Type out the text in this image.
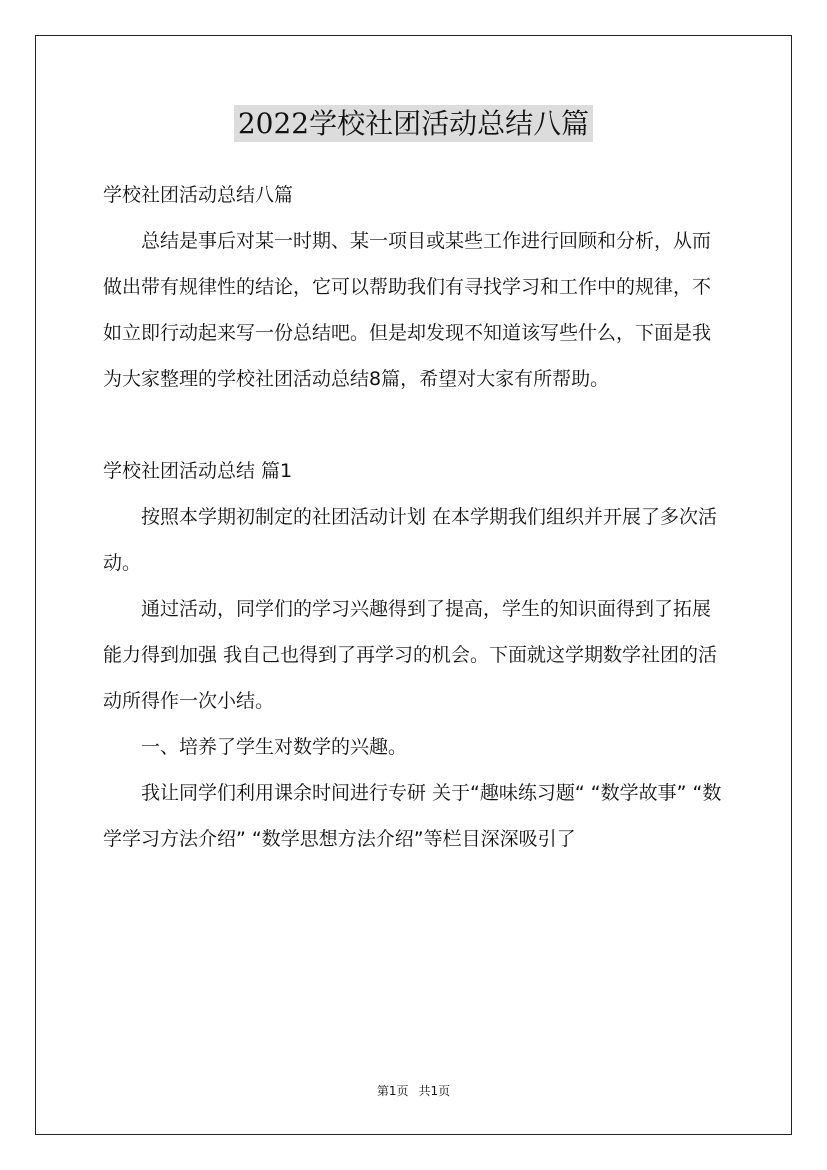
2022学校社团活动总结八篇

学校社团活动总结八篇

总结是事后对某一时期、某一项目或某些工作进行回顾和分析，从而做出带有规律性的结论，它可以帮助我们有寻找学习和工作中的规律，不如立即行动起来写一份总结吧。但是却发现不知道该写些什么，下面是我为大家整理的学校社团活动总结8篇，希望对大家有所帮助。

学校社团活动总结 篇1

按照本学期初制定的社团活动计划 在本学期我们组织并开展了多次活动。

通过活动，同学们的学习兴趣得到了提高，学生的知识面得到了拓展能力得到加强 我自己也得到了再学习的机会。下面就这学期数学社团的活动所得作一次小结。

一、培养了学生对数学的兴趣。

我让同学们利用课余时间进行专研 关于“趣味练习题“ “数学故事” “数学学习方法介绍” “数学思想方法介绍”等栏目深深吸引了

第1页 共1页
